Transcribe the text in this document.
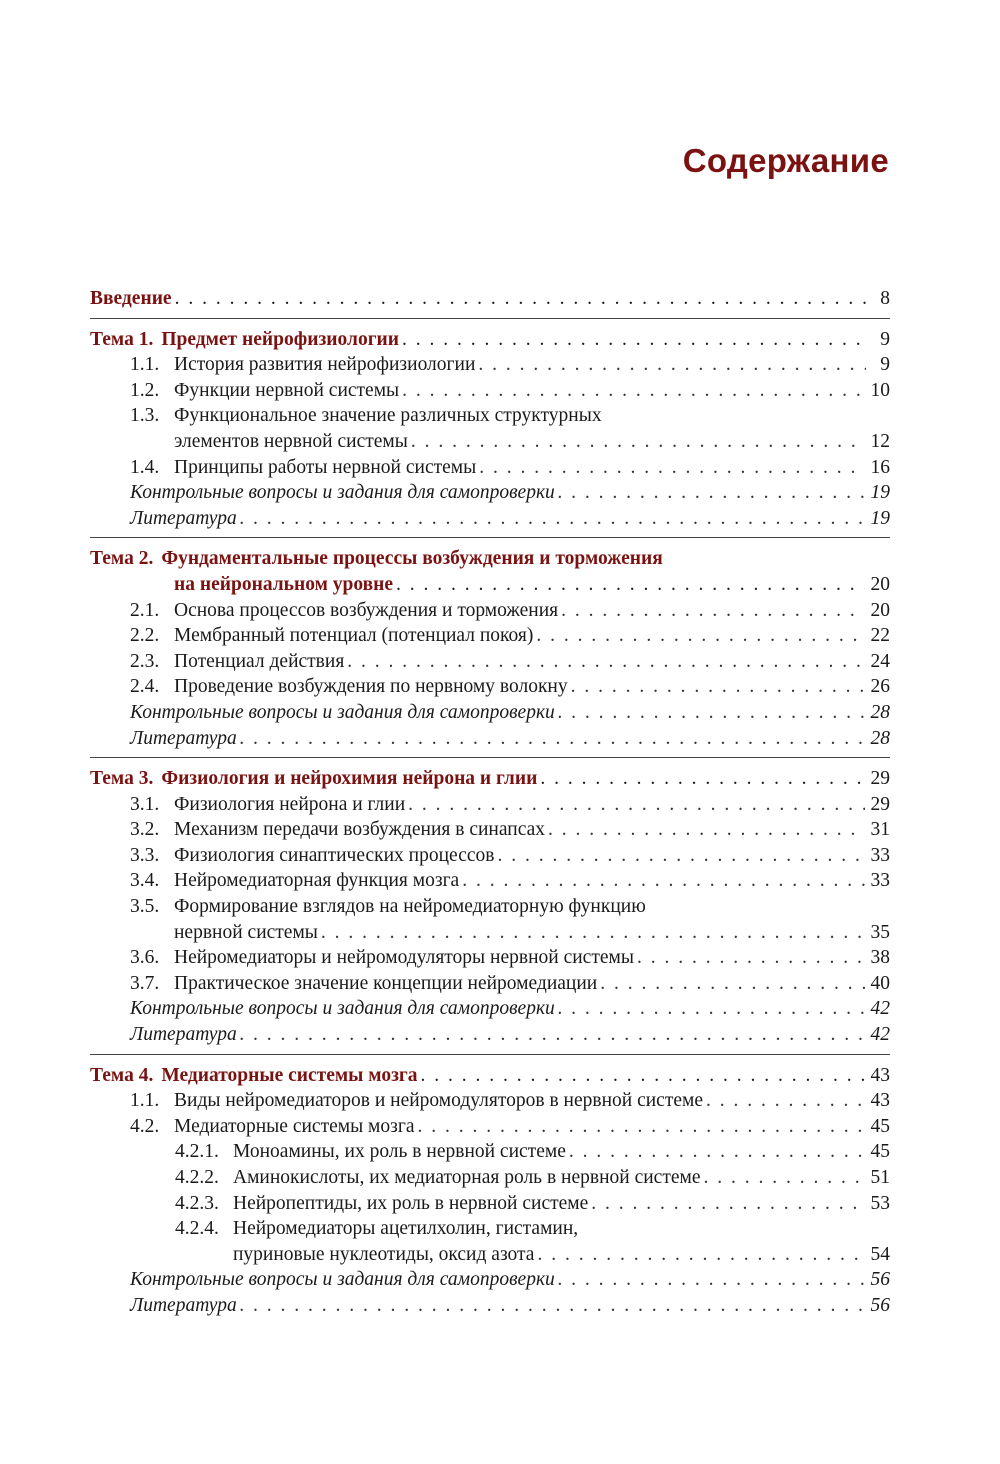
Содержание
Введение . . .	8
Тема 1. Предмет нейрофизиологии . . .	9
1.1. История развития нейрофизиологии . . .	9
1.2. Функции нервной системы . . .	10
1.3. Функциональное значение различных структурных
элементов нервной системы . . .	12
1.4. Принципы работы нервной системы . . .	16
Контрольные вопросы и задания для самопроверки . . .	19
Литература . . .	19
Тема 2. Фундаментальные процессы возбуждения и торможения
на нейрональном уровне . . .	20
2.1. Основа процессов возбуждения и торможения . . .	20
2.2. Мембранный потенциал (потенциал покоя) . . .	22
2.3. Потенциал действия . . .	24
2.4. Проведение возбуждения по нервному волокну . . .	26
Контрольные вопросы и задания для самопроверки . . .	28
Литература . . .	28
Тема 3. Физиология и нейрохимия нейрона и глии . . .	29
3.1. Физиология нейрона и глии . . .	29
3.2. Механизм передачи возбуждения в синапсах . . .	31
3.3. Физиология синаптических процессов . . .	33
3.4. Нейромедиаторная функция мозга . . .	33
3.5. Формирование взглядов на нейромедиаторную функцию
нервной системы . . .	35
3.6. Нейромедиаторы и нейромодуляторы нервной системы . . .	38
3.7. Практическое значение концепции нейромедиации . . .	40
Контрольные вопросы и задания для самопроверки . . .	42
Литература . . .	42
Тема 4. Медиаторные системы мозга . . .	43
1.1. Виды нейромедиаторов и нейромодуляторов в нервной системе . . .	43
4.2. Медиаторные системы мозга . . .	45
4.2.1. Моноамины, их роль в нервной системе . . .	45
4.2.2. Аминокислоты, их медиаторная роль в нервной системе . . .	51
4.2.3. Нейропептиды, их роль в нервной системе . . .	53
4.2.4. Нейромедиаторы ацетилхолин, гистамин,
пуриновые нуклеотиды, оксид азота . . .	54
Контрольные вопросы и задания для самопроверки . . .	56
Литература . . .	56
